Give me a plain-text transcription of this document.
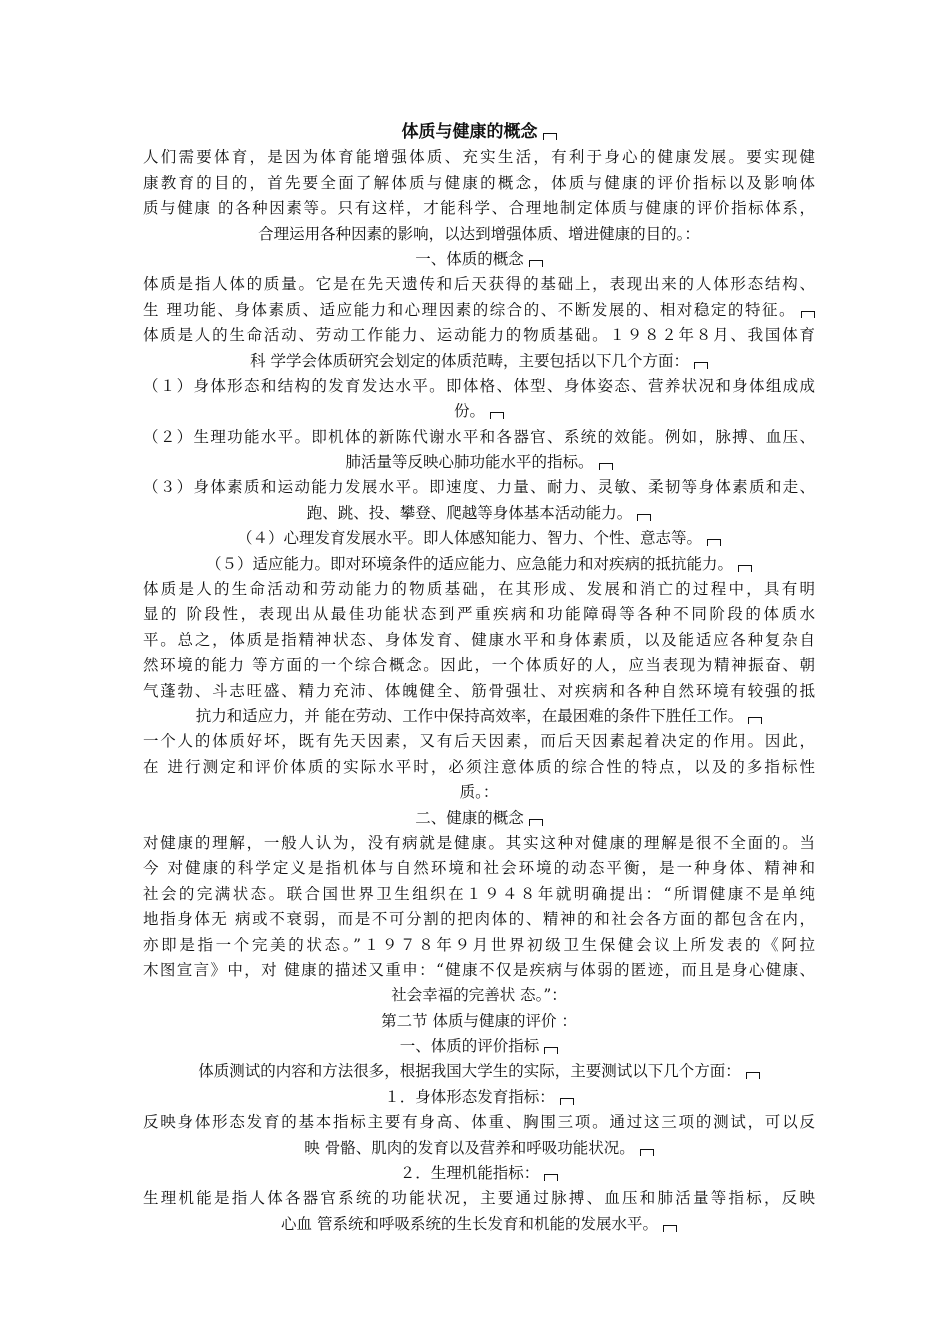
体质与健康的概念
人们需要体育，是因为体育能增强体质、充实生活，有利于身心的健康发展。要实现健
康教育的目的，首先要全面了解体质与健康的概念，体质与健康的评价指标以及影响体
质与健康 的各种因素等。只有这样，才能科学、合理地制定体质与健康的评价指标体系，
合理运用各种因素的影响，以达到增强体质、增进健康的目的。：
一、体质的概念
体质是指人体的质量。它是在先天遗传和后天获得的基础上，表现出来的人体形态结构、
生 理功能、身体素质、适应能力和心理因素的综合的、不断发展的、相对稳定的特征。
体质是人的生命活动、劳动工作能力、运动能力的物质基础。１９８２年８月、我国体育
科 学学会体质研究会划定的体质范畴，主要包括以下几个方面：
（１）身体形态和结构的发育发达水平。即体格、体型、身体姿态、营养状况和身体组成成
份。
（２）生理功能水平。即机体的新陈代谢水平和各器官、系统的效能。例如，脉搏、血压、
肺活量等反映心肺功能水平的指标。
（３）身体素质和运动能力发展水平。即速度、力量、耐力、灵敏、柔韧等身体素质和走、
跑、跳、投、攀登、爬越等身体基本活动能力。
（４）心理发育发展水平。即人体感知能力、智力、个性、意志等。
（５）适应能力。即对环境条件的适应能力、应急能力和对疾病的抵抗能力。
体质是人的生命活动和劳动能力的物质基础，在其形成、发展和消亡的过程中，具有明
显的 阶段性，表现出从最佳功能状态到严重疾病和功能障碍等各种不同阶段的体质水
平。总之，体质是指精神状态、身体发育、健康水平和身体素质，以及能适应各种复杂自
然环境的能力 等方面的一个综合概念。因此，一个体质好的人，应当表现为精神振奋、朝
气蓬勃、斗志旺盛、精力充沛、体魄健全、筋骨强壮、对疾病和各种自然环境有较强的抵
抗力和适应力，并 能在劳动、工作中保持高效率，在最困难的条件下胜任工作。
一个人的体质好坏，既有先天因素，又有后天因素，而后天因素起着决定的作用。因此，
在 进行测定和评价体质的实际水平时，必须注意体质的综合性的特点，以及的多指标性
质。：
二、健康的概念
对健康的理解，一般人认为，没有病就是健康。其实这种对健康的理解是很不全面的。当
今 对健康的科学定义是指机体与自然环境和社会环境的动态平衡，是一种身体、精神和
社会的完满状态。联合国世界卫生组织在１９４８年就明确提出：“所谓健康不是单纯
地指身体无 病或不衰弱，而是不可分割的把肉体的、精神的和社会各方面的都包含在内，
亦即是指一个完美的状态。”１９７８年９月世界初级卫生保健会议上所发表的《阿拉
木图宣言》中，对 健康的描述又重申：“健康不仅是疾病与体弱的匿迹，而且是身心健康、
社会幸福的完善状 态。”：
第二节 体质与健康的评价 ：
一、体质的评价指标
体质测试的内容和方法很多，根据我国大学生的实际，主要测试以下几个方面：
１．身体形态发育指标：
反映身体形态发育的基本指标主要有身高、体重、胸围三项。通过这三项的测试，可以反
映 骨骼、肌肉的发育以及营养和呼吸功能状况。
２．生理机能指标：
生理机能是指人体各器官系统的功能状况，主要通过脉搏、血压和肺活量等指标，反映
心血 管系统和呼吸系统的生长发育和机能的发展水平。
